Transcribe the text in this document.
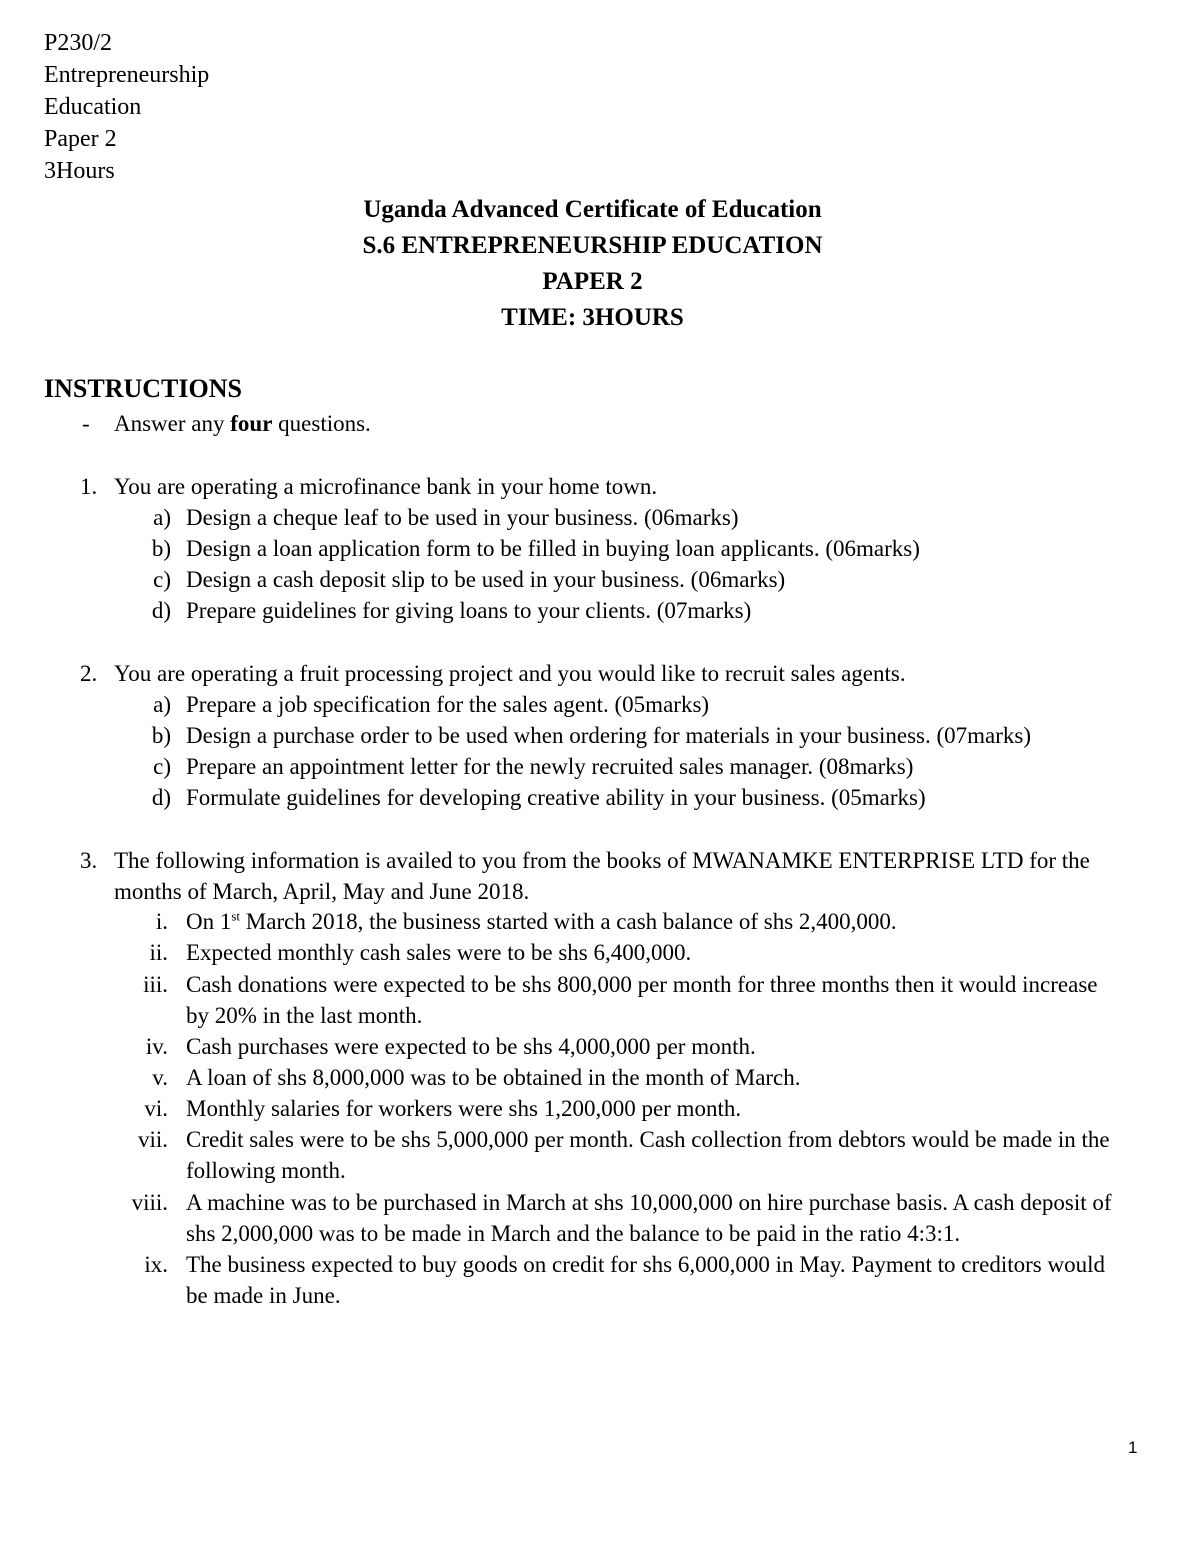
P230/2
Entrepreneurship
Education
Paper 2
3Hours
Uganda Advanced Certificate of Education
S.6 ENTREPRENEURSHIP EDUCATION
PAPER 2
TIME: 3HOURS
INSTRUCTIONS
- Answer any four questions.
1. You are operating a microfinance bank in your home town.
a) Design a cheque leaf to be used in your business. (06marks)
b) Design a loan application form to be filled in buying loan applicants. (06marks)
c) Design a cash deposit slip to be used in your business. (06marks)
d) Prepare guidelines for giving loans to your clients. (07marks)
2. You are operating a fruit processing project and you would like to recruit sales agents.
a) Prepare a job specification for the sales agent. (05marks)
b) Design a purchase order to be used when ordering for materials in your business. (07marks)
c) Prepare an appointment letter for the newly recruited sales manager. (08marks)
d) Formulate guidelines for developing creative ability in your business. (05marks)
3. The following information is availed to you from the books of MWANAMKE ENTERPRISE LTD for the
months of March, April, May and June 2018.
i. On 1st March 2018, the business started with a cash balance of shs 2,400,000.
ii. Expected monthly cash sales were to be shs 6,400,000.
iii. Cash donations were expected to be shs 800,000 per month for three months then it would increase
by 20% in the last month.
iv. Cash purchases were expected to be shs 4,000,000 per month.
v. A loan of shs 8,000,000 was to be obtained in the month of March.
vi. Monthly salaries for workers were shs 1,200,000 per month.
vii. Credit sales were to be shs 5,000,000 per month. Cash collection from debtors would be made in the
following month.
viii. A machine was to be purchased in March at shs 10,000,000 on hire purchase basis. A cash deposit of
shs 2,000,000 was to be made in March and the balance to be paid in the ratio 4:3:1.
ix. The business expected to buy goods on credit for shs 6,000,000 in May. Payment to creditors would
be made in June.
1
